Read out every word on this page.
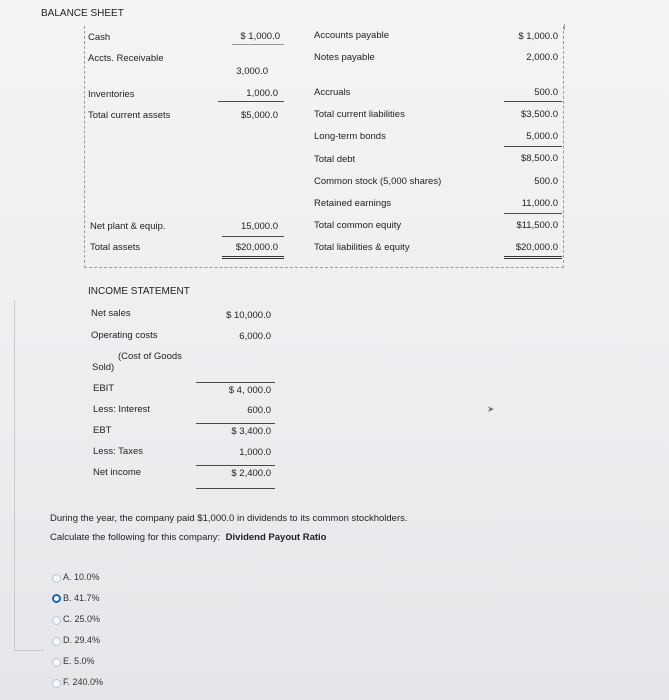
BALANCE SHEET
Cash	$ 1,000.0
Accts. Receivable
3,000.0
Inventories	1,000.0
Total current assets	$5,000.0
Net plant & equip.	15,000.0
Total assets	$20,000.0
Accounts payable	$ 1,000.0
Notes payable	2,000.0
Accruals	500.0
Total current liabilities	$3,500.0
Long-term bonds	5,000.0
Total debt	$8,500.0
Common stock (5,000 shares)	500.0
Retained earnings	11,000.0
Total common equity	$11,500.0
Total liabilities & equity	$20,000.0
INCOME STATEMENT
Net sales	$ 10,000.0
Operating costs	6,000.0
(Cost of Goods
Sold)
EBIT	$ 4, 000.0
Less: Interest	600.0
EBT	$ 3,400.0
Less: Taxes	1,000.0
Net income	$ 2,400.0
During the year, the company paid $1,000.0 in dividends to its common stockholders.
Calculate the following for this company: Dividend Payout Ratio
A. 10.0%
B. 41.7%
C. 25.0%
D. 29.4%
E. 5.0%
F. 240.0%
➤
